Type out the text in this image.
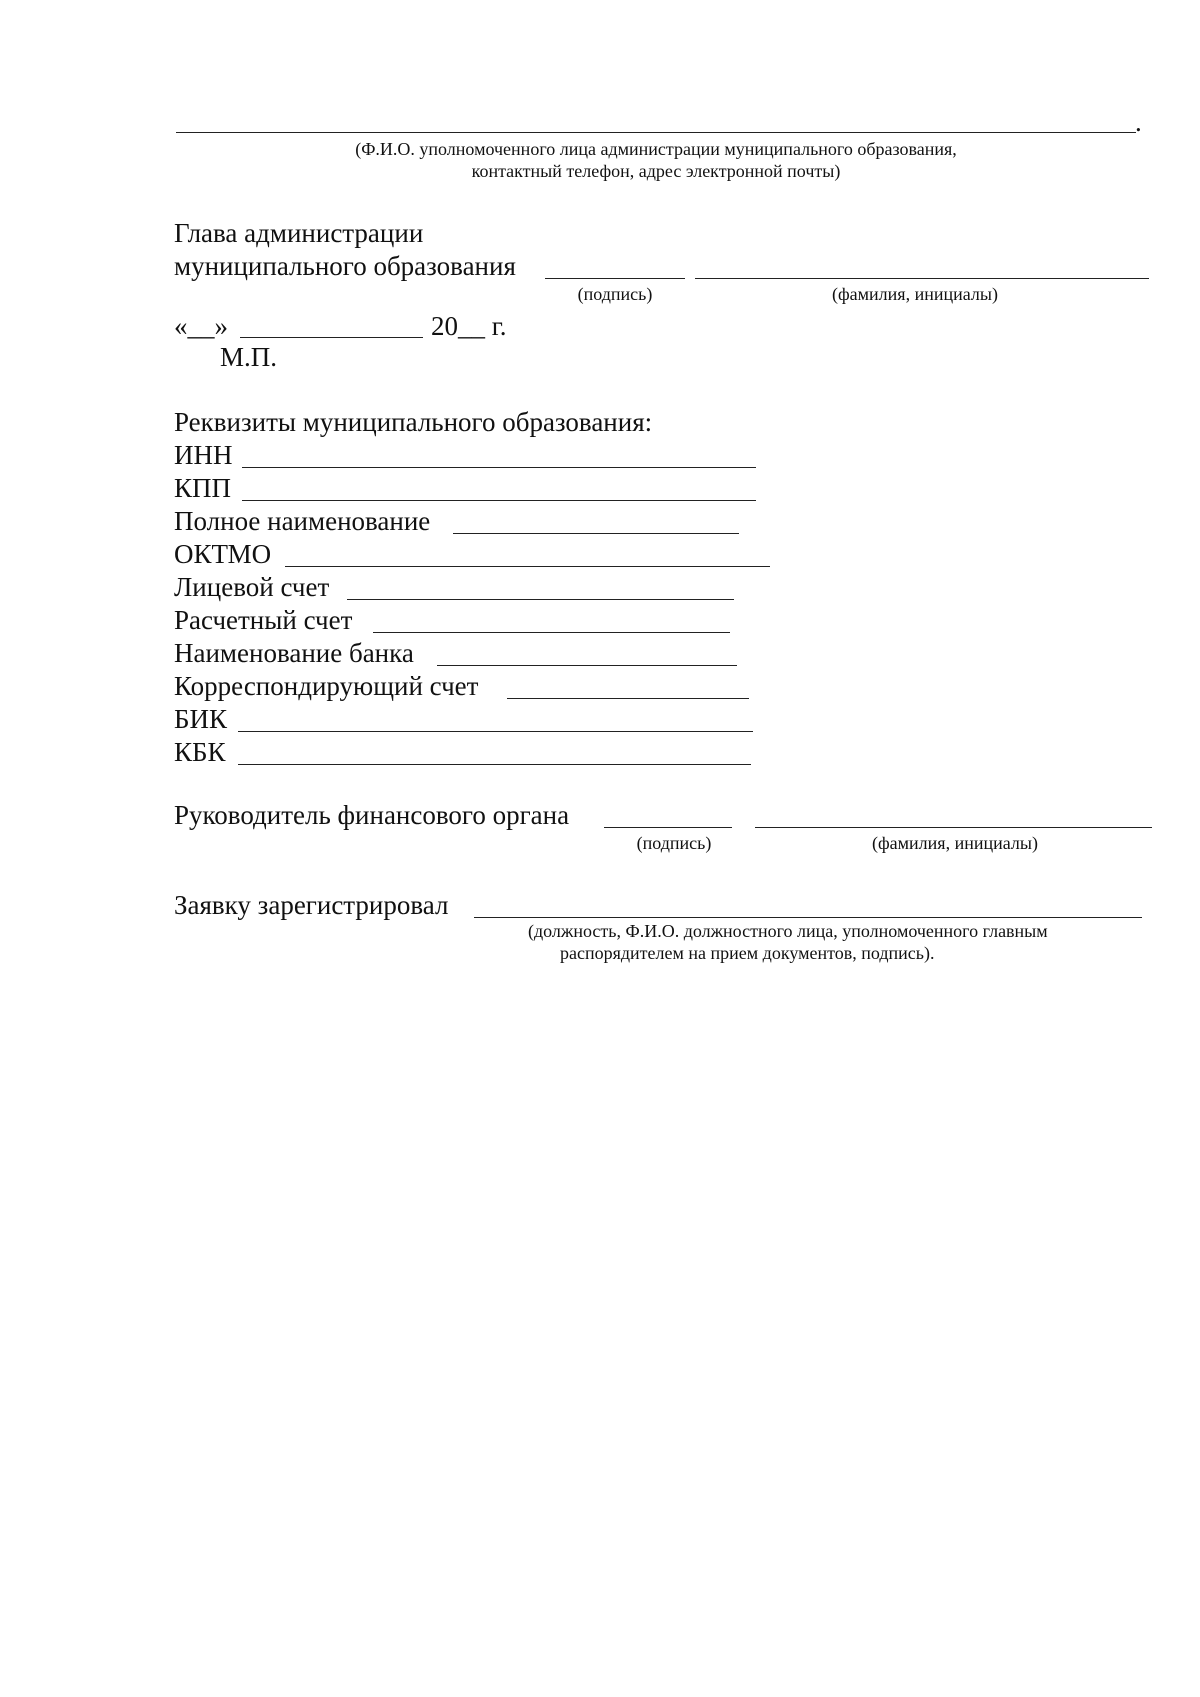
.
(Ф.И.О. уполномоченного лица администрации муниципального образования,
контактный телефон, адрес электронной почты)
Глава администрации
муниципального образования
(подпись)	(фамилия, инициалы)
«__»	20__ г.
М.П.
Реквизиты муниципального образования:
ИНН
КПП
Полное наименование
ОКТМО
Лицевой счет
Расчетный счет
Наименование банка
Корреспондирующий счет
БИК
КБК
Руководитель финансового органа
(подпись)	(фамилия, инициалы)
Заявку зарегистрировал
(должность, Ф.И.О. должностного лица, уполномоченного главным
распорядителем на прием документов, подпись).
